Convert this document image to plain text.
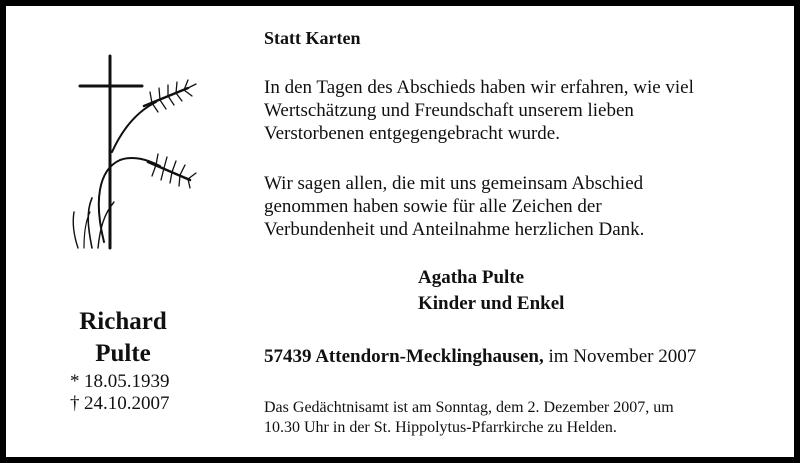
Richard
Pulte
* 18.05.1939
† 24.10.2007
Statt Karten
In den Tagen des Abschieds haben wir erfahren, wie viel
Wertschätzung und Freundschaft unserem lieben
Verstorbenen entgegengebracht wurde.
Wir sagen allen, die mit uns gemeinsam Abschied
genommen haben sowie für alle Zeichen der
Verbundenheit und Anteilnahme herzlichen Dank.
Agatha Pulte
Kinder und Enkel
57439 Attendorn-Mecklinghausen, im November 2007
Das Gedächtnisamt ist am Sonntag, dem 2. Dezember 2007, um
10.30 Uhr in der St. Hippolytus-Pfarrkirche zu Helden.
